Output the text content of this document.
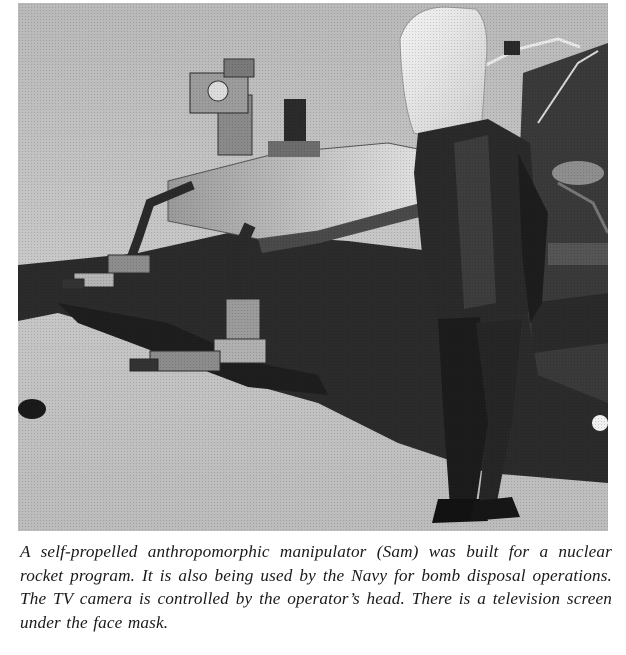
A self-propelled anthropomorphic manipulator (Sam) was built for a nuclear rocket program. It is also being used by the Navy for bomb disposal operations. The TV camera is controlled by the operator’s head. There is a television screen under the face mask.
